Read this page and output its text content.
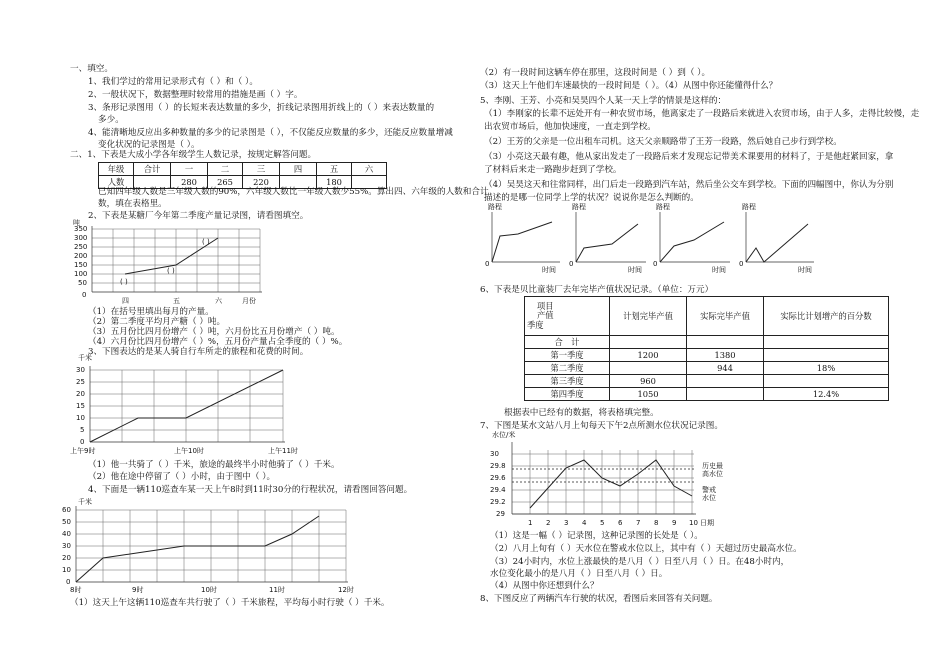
一、填空。
1、我们学过的常用记录形式有（ ）和（ ）。
2、一般状况下，数据整理时较常用的措施是画（ ）字。
3、条形记录图用（ ）的长短来表达数量的多少，折线记录图用折线上的（ ）来表达数量的
多少。
4、能清晰地反应出多种数量的多少的记录图是（ ），不仅能反应数量的多少，还能反应数量增减
变化状况的记录图是（ ）。
二、1、下表是大成小学各年级学生人数记录，按规定解答问题。
年级	合计	一	二	三	四	五	六
人数		280	265	220		180	
已知四年级人数是三年级人数的90%，六年级人数比一年级人数少55%。算出四、六年级的人数和合计
数，填在表格里。
2、下表是某糖厂今年第二季度产量记录图，请看图填空。
吨
350
300
250
200
150
100
50
0
( )
( )
( )
四	五	六	月份
（1）在括号里填出每月的产量。
（2）第二季度平均月产糖（ ）吨。
（3）五月份比四月份增产（ ）吨，六月份比五月份增产（ ）吨。
（4）六月份比四月份增产（ ）%，五月份产量占全季度的（ ）%。
3、下图表达的是某人骑自行车所走的旅程和花费的时间。
千米
30
25
20
15
10
5
0
上午9时	上午10时	上午11时
（1）他一共骑了（ ）千米，旅途的最终半小时他骑了（ ）千米。
（2）他在途中停留了（ ）小时，由于图中（ ）。
4、下面是一辆110巡查车某一天上午8时到11时30分的行程状况，请看图回答问题。
千米
60
50
40
30
20
10
0
8时	9时	10时	11时	12时
（1）这天上午这辆110巡查车共行驶了（ ）千米旅程，平均每小时行驶（ ）千米。
（2）有一段时间这辆车停在那里，这段时间是（ ）到（ ）。
（3）这天上午他们车速最快的一段时间是（ ）。（4）从图中你还能懂得什么？
5、李刚、王芳、小亮和吴昊四个人某一天上学的情景是这样的：
（1）李刚家的长辈不远处开有一种农贸市场，他离家走了一段路后来就进入农贸市场，由于人多，走得比较慢，走
出农贸市场后，他加快速度，一直走到学校。
（2）王芳的父亲是一位出租车司机。这天父亲顺路带了王芳一段路，然后她自己步行到学校。
（3）小亮这天最有趣，他从家出发走了一段路后来才发现忘记带美术课要用的材料了，于是他赶紧回家，拿
了材料后来走一路跑步赶到了学校。
（4）吴昊这天和往常同样，出门后走一段路到汽车站，然后坐公交车到学校。下面的四幅图中，你认为分别
描述的是哪一位同学上学的状况？说说你是怎么判断的。
路程
0
时间
路程
0
时间
路程
0
时间
路程
0
时间
6、下表是贝比童装厂去年完毕产值状况记录。（单位：万元）
项目
产值
季度	计划完毕产值	实际完毕产值	实际比计划增产的百分数
合　计			
第一季度	1200	1380	
第二季度		944	18%
第三季度	960		
第四季度	1050		12.4%
根据表中已经有的数据，将表格填完整。
7、下图是某水文站八月上旬每天下午2点所测水位状况记录图。
水位/米
30
29.8
29.6
29.4
29.2
29
历史最
高水位
警戒
水位
1 2 3 4 5 6 7 8 9 10 日期
（1）这是一幅（ ）记录图，这种记录图的长处是（ ）。
（2）八月上旬有（ ）天水位在警戒水位以上，其中有（ ）天超过历史最高水位。
（3）24小时内，水位上涨最快的是八月（ ）日至八月（ ）日。在48小时内，
水位变化最小的是八月（ ）日至八月（ ）日。
（4）从图中你还想到什么？
8、下图反应了两辆汽车行驶的状况，看图后来回答有关问题。
